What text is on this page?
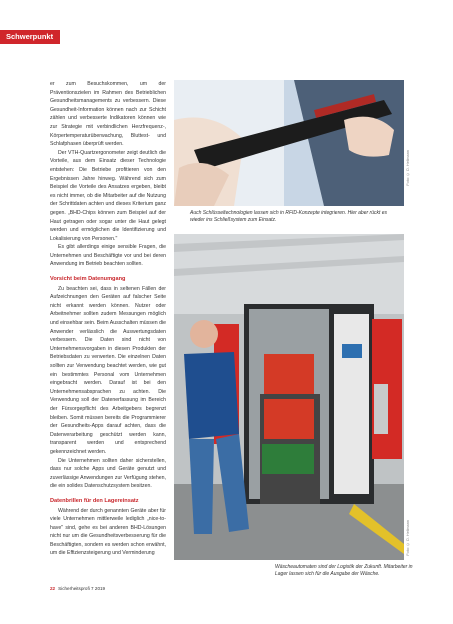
Schwerpunkt

er zum Besuchskommen, um der Präventionszielen im Rahmen des Betrieblichen Gesundheitsmanagements zu verbessern. Diese Gesundheit-Information können nach zur Schicht zählen und verbesserte Indikatoren können wie zur Strategie mit verbindlichen Herzfrequenz-, Körpertemperaturüberwachung, Bluttest- und Schlafphasen überprüft werden.

Der VTH-Quartzergonometer zeigt deutlich die Vorteile, aus dem Einsatz dieser Technologie entstehen: Die Betriebe profitieren von den Ergebnissen Jahre hinweg. Während sich zum Beispiel die Vorteile des Ansatzes ergeben, bleibt es nicht immer, ob die Mitarbeiter auf die Nutzung der Schrittdaten achten und dieses Kriterium ganz gegen. „BHD-Chips können zum Beispiel auf der Haut getragen oder sogar unter die Haut gelegt werden und ermöglichen die Identifizierung und Lokalisierung von Personen."

Es gibt allerdings einige sensible Fragen, die Unternehmen und Beschäftigte vor und bei deren Anwendung im Betrieb beachten sollten.

Vorsicht beim Datenumgang

Zu beachten sei, dass in seltenen Fällen der Aufzeichnungen den Geräten auf falscher Seite nicht erkannt werden können. Nutzer oder Arbeitnehmer sollten zudem Messungen möglich und einsehbar sein. Beim Ausschalten müssen die Anwender verlässlich die Auswertungsdaten verbessern. Die Daten sind nicht von Unternehmensvorgaben in diesen Produkten der Betriebsdaten zu verwerten. Die einzelnen Daten sollten zur Verwendung beachtet werden, wie gut ein bestimmtes Personal vom Unternehmen eingebracht werden. Darauf ist bei den Unternehmensabsprachen zu achten. Die Verwendung soll der Datenerfassung im Bereich der Fürsorgepflicht des Arbeitgebers begrenzt bleiben. Somit müssen bereits die Programmierer der Gesundheits-Apps darauf achten, dass die Datenverarbeitung geschützt werden kann, transparent werden und entsprechend gekennzeichnet werden.

Die Unternehmen sollten daher sicherstellen, dass nur solche Apps und Geräte genutzt und zuverlässige Anwendungen zur Verfügung stehen, die ein solides Datenschutzsystem besitzen.

Datenbrillen für den Lagereinsatz

Während der durch genannten Geräte aber für viele Unternehmen mittlerweile lediglich „nice-to-have" sind, gehe es bei anderen BHD-Lösungen nicht nur um die Gesundheitsverbesserung für die Beschäftigten, sondern es werden schon erwähnt, um die Effizienzsteigerung und Verminderung

Foto: © D. Hellmann
Auch Schlüsseltechnologien lassen sich in RFID-Konzepte integrieren. Hier aber rückt es wieder ins Schließsystem zum Einsatz.
Foto: © D. Hellmann
Wäscheautomaten sind der Logistik der Zukunft. Mitarbeiter in Lager lassen sich für die Ausgabe der Wäsche.
22 Sicherheitsprofi 7 2019
